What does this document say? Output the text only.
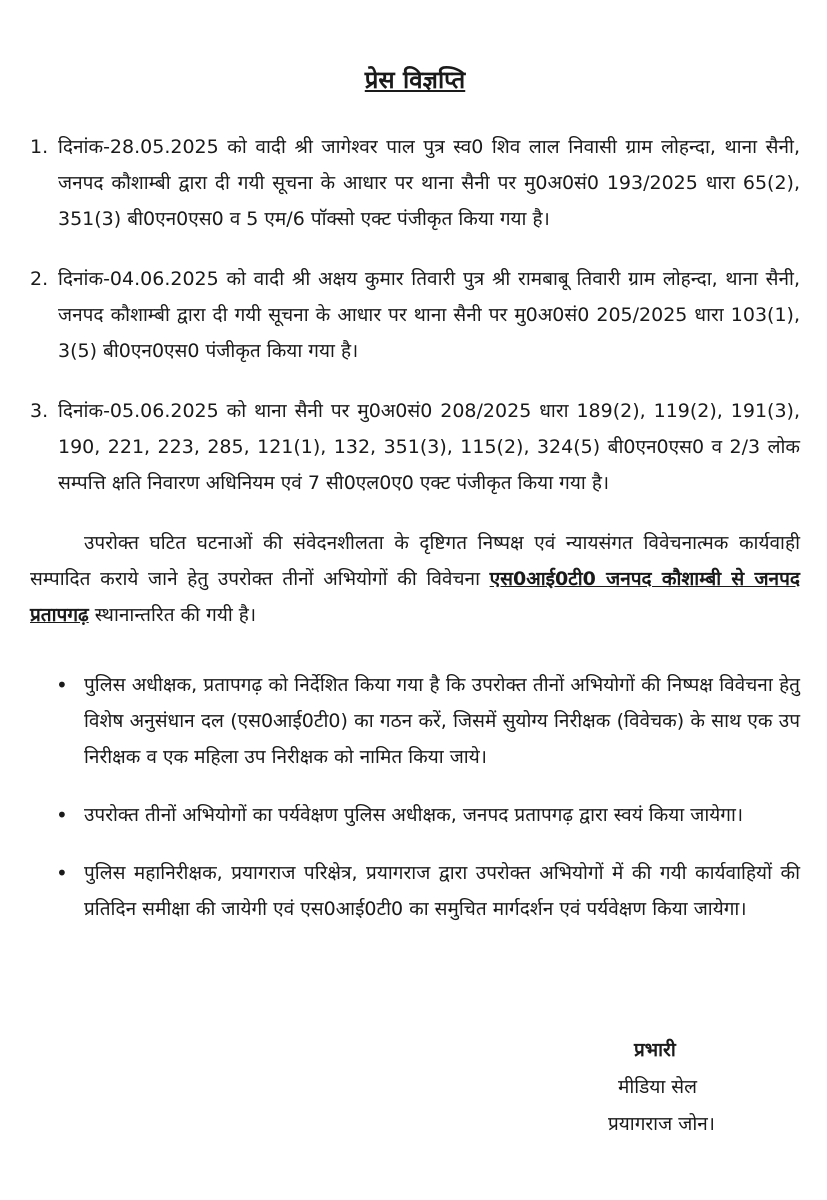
प्रेस विज्ञप्ति
1. दिनांक-28.05.2025 को वादी श्री जागेश्वर पाल पुत्र स्व0 शिव लाल निवासी ग्राम लोहन्दा, थाना सैनी, जनपद कौशाम्बी द्वारा दी गयी सूचना के आधार पर थाना सैनी पर मु0अ0सं0 193/2025 धारा 65(2), 351(3) बी0एन0एस0 व 5 एम/6 पॉक्सो एक्ट पंजीकृत किया गया है।
2. दिनांक-04.06.2025 को वादी श्री अक्षय कुमार तिवारी पुत्र श्री रामबाबू तिवारी ग्राम लोहन्दा, थाना सैनी, जनपद कौशाम्बी द्वारा दी गयी सूचना के आधार पर थाना सैनी पर मु0अ0सं0 205/2025 धारा 103(1), 3(5) बी0एन0एस0 पंजीकृत किया गया है।
3. दिनांक-05.06.2025 को थाना सैनी पर मु0अ0सं0 208/2025 धारा 189(2), 119(2), 191(3), 190, 221, 223, 285, 121(1), 132, 351(3), 115(2), 324(5) बी0एन0एस0 व 2/3 लोक सम्पत्ति क्षति निवारण अधिनियम एवं 7 सी0एल0ए0 एक्ट पंजीकृत किया गया है।

उपरोक्त घटित घटनाओं की संवेदनशीलता के दृष्टिगत निष्पक्ष एवं न्यायसंगत विवेचनात्मक कार्यवाही सम्पादित कराये जाने हेतु उपरोक्त तीनों अभियोगों की विवेचना एस0आई0टी0 जनपद कौशाम्बी से जनपद प्रतापगढ़ स्थानान्तरित की गयी है।

• पुलिस अधीक्षक, प्रतापगढ़ को निर्देशित किया गया है कि उपरोक्त तीनों अभियोगों की निष्पक्ष विवेचना हेतु विशेष अनुसंधान दल (एस0आई0टी0) का गठन करें, जिसमें सुयोग्य निरीक्षक (विवेचक) के साथ एक उप निरीक्षक व एक महिला उप निरीक्षक को नामित किया जाये।
• उपरोक्त तीनों अभियोगों का पर्यवेक्षण पुलिस अधीक्षक, जनपद प्रतापगढ़ द्वारा स्वयं किया जायेगा।
• पुलिस महानिरीक्षक, प्रयागराज परिक्षेत्र, प्रयागराज द्वारा उपरोक्त अभियोगों में की गयी कार्यवाहियों की प्रतिदिन समीक्षा की जायेगी एवं एस0आई0टी0 का समुचित मार्गदर्शन एवं पर्यवेक्षण किया जायेगा।
प्रभारी
मीडिया सेल
प्रयागराज जोन।
